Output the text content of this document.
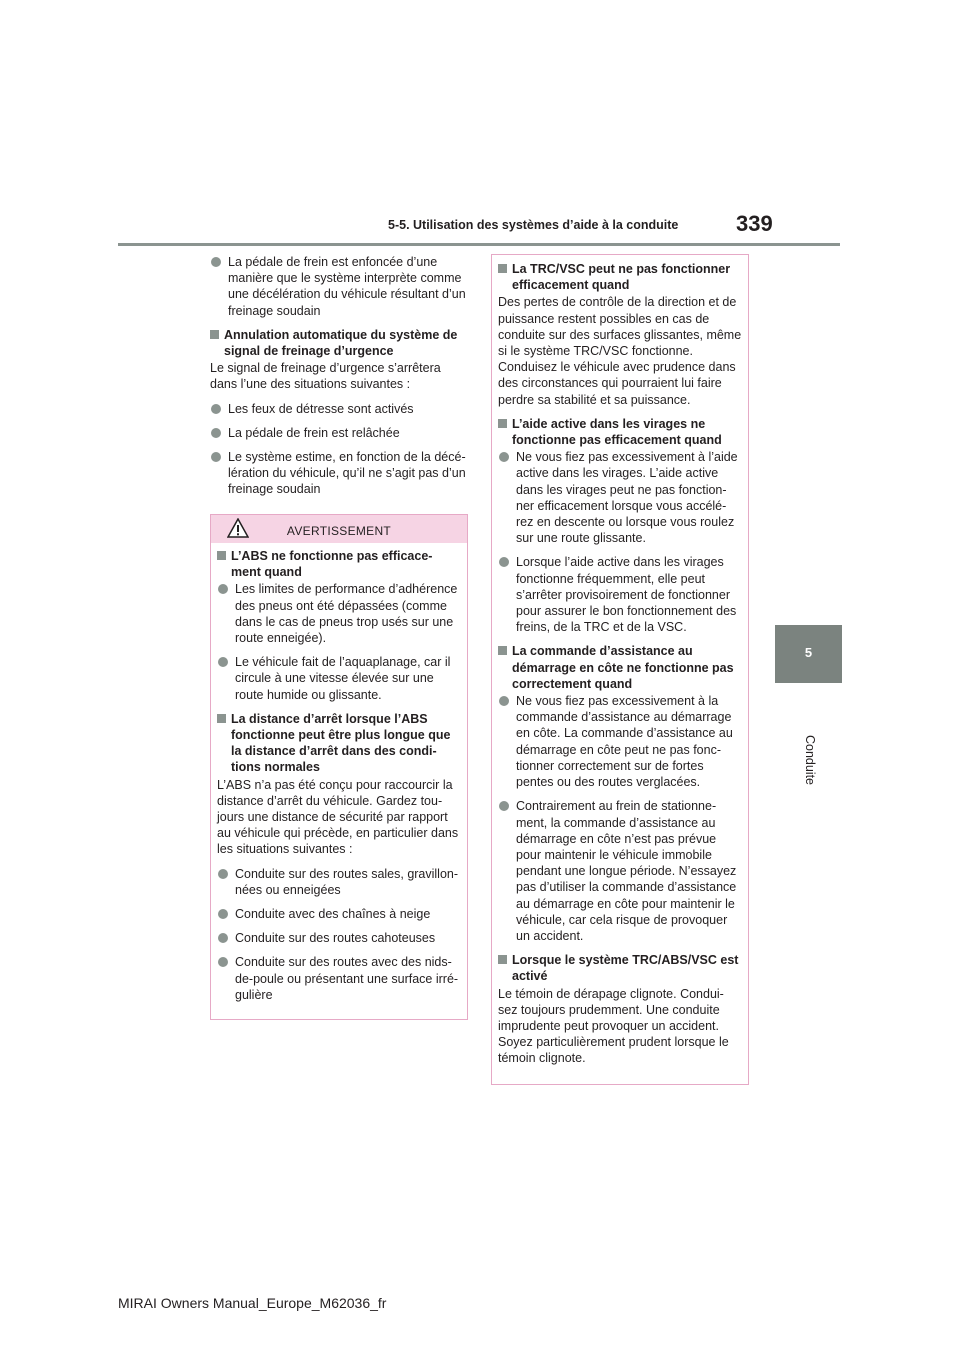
5-5. Utilisation des systèmes d’aide à la conduite	339
5
Conduite
La pédale de frein est enfoncée d’une manière que le système interprète comme une décélération du véhicule résultant d’un freinage soudain
Annulation automatique du système de signal de freinage d’urgence
Le signal de freinage d’urgence s’arrêtera dans l’une des situations suivantes :
Les feux de détresse sont activés
La pédale de frein est relâchée
Le système estime, en fonction de la décé- lération du véhicule, qu’il ne s’agit pas d’un freinage soudain
$_{AVERTISSEMENT}$
L’ABS ne fonctionne pas efficace- ment quand
Les limites de performance d’adhérence des pneus ont été dépassées (comme dans le cas de pneus trop usés sur une route enneigée).
Le véhicule fait de l’aquaplanage, car il circule à une vitesse élevée sur une route humide ou glissante.
La distance d’arrêt lorsque l’ABS fonctionne peut être plus longue que la distance d’arrêt dans des condi- tions normales
L’ABS n’a pas été conçu pour raccourcir la distance d’arrêt du véhicule. Gardez tou- jours une distance de sécurité par rapport au véhicule qui précède, en particulier dans les situations suivantes :
Conduite sur des routes sales, gravillon- nées ou enneigées
Conduite avec des chaînes à neige
Conduite sur des routes cahoteuses
Conduite sur des routes avec des nids- de-poule ou présentant une surface irré- gulière
La TRC/VSC peut ne pas fonctionner efficacement quand
Des pertes de contrôle de la direction et de puissance restent possibles en cas de conduite sur des surfaces glissantes, même si le système TRC/VSC fonctionne. Conduisez le véhicule avec prudence dans des circonstances qui pourraient lui faire perdre sa stabilité et sa puissance.
L’aide active dans les virages ne fonctionne pas efficacement quand
Ne vous fiez pas excessivement à l’aide active dans les virages. L’aide active dans les virages peut ne pas fonction- ner efficacement lorsque vous accélé- rez en descente ou lorsque vous roulez sur une route glissante.
Lorsque l’aide active dans les virages fonctionne fréquemment, elle peut s’arrêter provisoirement de fonctionner pour assurer le bon fonctionnement des freins, de la TRC et de la VSC.
La commande d’assistance au démarrage en côte ne fonctionne pas correctement quand
Ne vous fiez pas excessivement à la commande d’assistance au démarrage en côte. La commande d’assistance au démarrage en côte peut ne pas fonc- tionner correctement sur de fortes pentes ou des routes verglacées.
Contrairement au frein de stationne- ment, la commande d’assistance au démarrage en côte n’est pas prévue pour maintenir le véhicule immobile pendant une longue période. N’essayez pas d’utiliser la commande d’assistance au démarrage en côte pour maintenir le véhicule, car cela risque de provoquer un accident.
Lorsque le système TRC/ABS/VSC est activé
Le témoin de dérapage clignote. Condui- sez toujours prudemment. Une conduite imprudente peut provoquer un accident. Soyez particulièrement prudent lorsque le témoin clignote.
MIRAI Owners Manual_Europe_M62036_fr
